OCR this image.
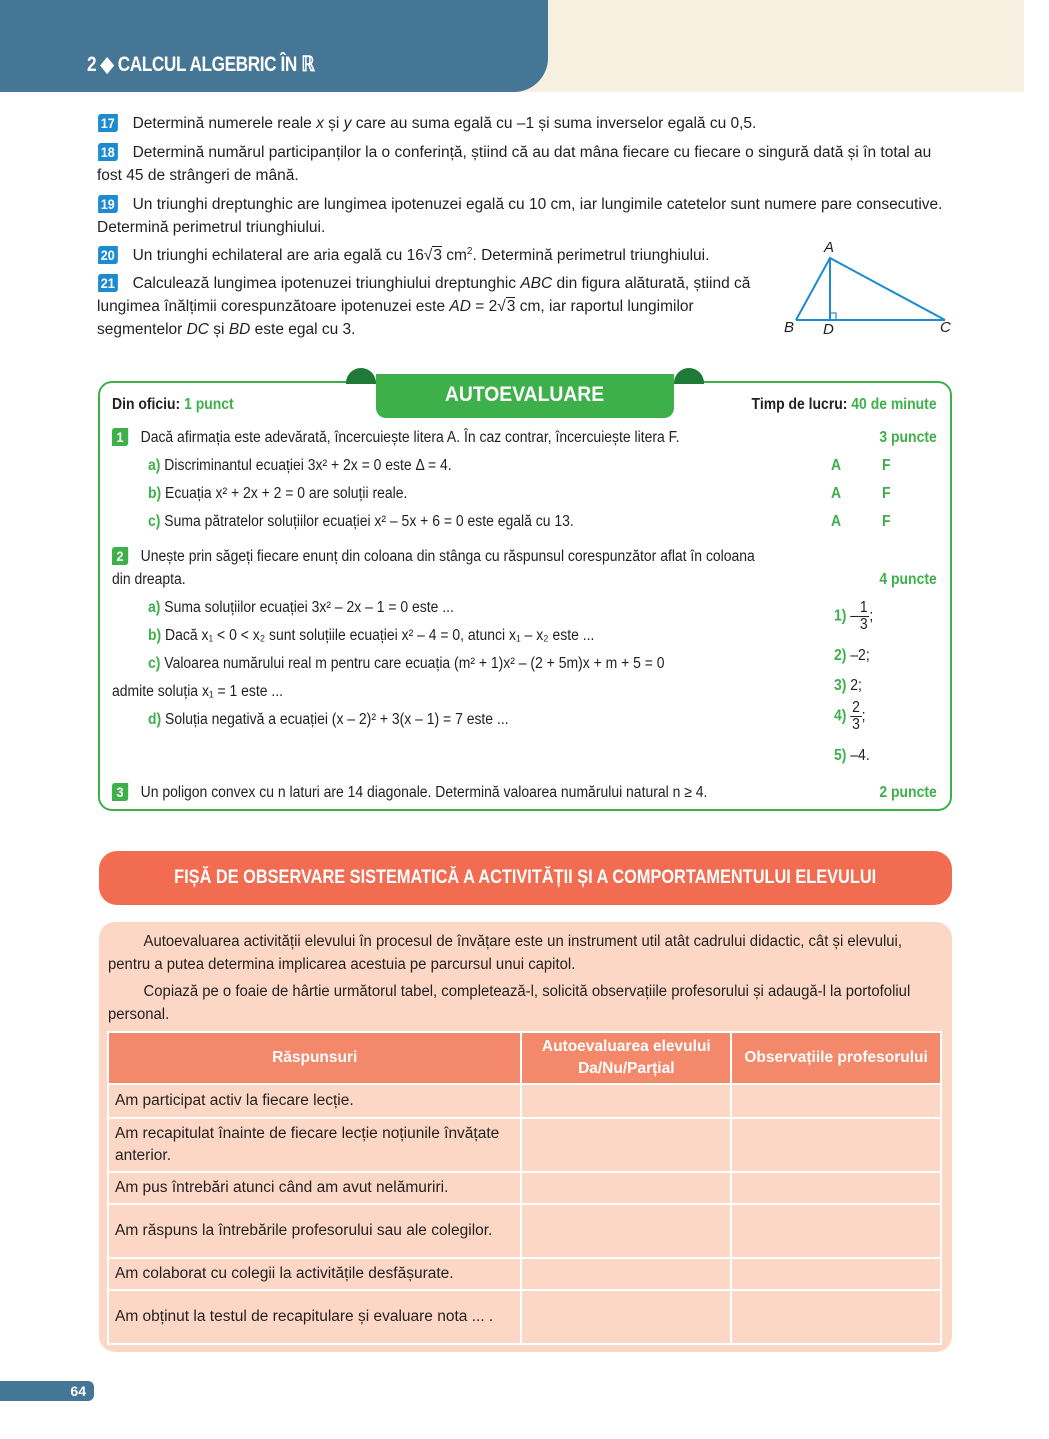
2 ◆ CALCUL ALGEBRIC ÎN ℝ
17 Determină numerele reale x și y care au suma egală cu –1 și suma inverselor egală cu 0,5.
18 Determină numărul participanților la o conferință, știind că au dat mâna fiecare cu fiecare o singură dată și în total au fost 45 de strângeri de mână.
19 Un triunghi dreptunghic are lungimea ipotenuzei egală cu 10 cm, iar lungimile catetelor sunt numere pare consecutive. Determină perimetrul triunghiului.
20 Un triunghi echilateral are aria egală cu 16√3 $cm^2$. Determină perimetrul triunghiului.
21 Calculează lungimea ipotenuzei triunghiului dreptunghic ABC din figura alăturată, știind că lungimea înălțimii corespunzătoare ipotenuzei este AD = 2√3 cm, iar raportul lungimilor segmentelor DC și BD este egal cu 3.
A
B D	C
AUTOEVALUARE
Din oficiu: 1 punct	Timp de lucru: 40 de minute
1 Dacă afirmația este adevărată, încercuiește litera A. În caz contrar, încercuiește litera F.	3 puncte
a) Discriminantul ecuației 3x² + 2x = 0 este Δ = 4.	A	F
b) Ecuația x² + 2x + 2 = 0 are soluții reale.	A	F
c) Suma pătratelor soluțiilor ecuației x² – 5x + 6 = 0 este egală cu 13.	A	F
2 Unește prin săgeți fiecare enunț din coloana din stânga cu răspunsul corespunzător aflat în coloana
din dreapta.	4 puncte
a) Suma soluțiilor ecuației 3x² – 2x – 1 = 0 este ...
b) Dacă x₁ < 0 < x₂ sunt soluțiile ecuației x² – 4 = 0, atunci x₁ – x₂ este ...
c) Valoarea numărului real m pentru care ecuația (m² + 1)x² – (2 + 5m)x + m + 5 = 0
admite soluția x₁ = 1 este ...
d) Soluția negativă a ecuației (x – 2)² + 3(x – 1) = 7 este ...
$1) - \frac{1}{3}$ ;
2) –2;
3) 2;
$4) \frac{2}{3}$ ;
5) –4.
3 Un poligon convex cu n laturi are 14 diagonale. Determină valoarea numărului natural n ≥ 4.	2 puncte
FIȘĂ DE OBSERVARE SISTEMATICĂ A ACTIVITĂȚII ȘI A COMPORTAMENTULUI ELEVULUI
Autoevaluarea activității elevului în procesul de învățare este un instrument util atât cadrului didactic, cât și elevului, pentru a putea determina implicarea acestuia pe parcursul unui capitol.
Copiază pe o foaie de hârtie următorul tabel, completează-l, solicită observațiile profesorului și adaugă-l la portofoliul personal.
Răspunsuri	Autoevaluarea elevului Da/Nu/Parțial	Observațiile profesorului
Am participat activ la fiecare lecție.		
Am recapitulat înainte de fiecare lecție noțiunile învățate anterior.		
Am pus întrebări atunci când am avut nelămuriri.		
Am răspuns la întrebările profesorului sau ale colegilor.		
Am colaborat cu colegii la activitățile desfășurate.		
Am obținut la testul de recapitulare și evaluare nota ... .		
64
